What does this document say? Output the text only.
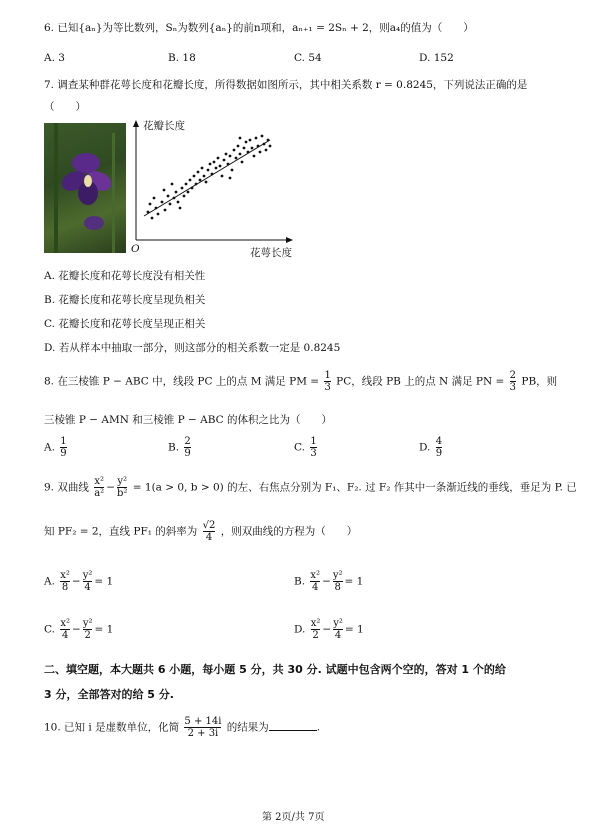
6. 已知{aₙ}为等比数列，Sₙ为数列{aₙ}的前n项和，aₙ₊₁ = 2Sₙ + 2，则a₄的值为（　　）
A. 3	B. 18	C. 54	D. 152
7. 调查某种群花萼长度和花瓣长度，所得数据如图所示，其中相关系数 r = 0.8245，下列说法正确的是
（　　）
花瓣长度
O	花萼长度
A. 花瓣长度和花萼长度没有相关性
B. 花瓣长度和花萼长度呈现负相关
C. 花瓣长度和花萼长度呈现正相关
D. 若从样本中抽取一部分，则这部分的相关系数一定是 0.8245
8. 在三棱锥 P − ABC 中，线段 PC 上的点 M 满足 PM = $\frac{1}{3}$ PC，线段 PB 上的点 N 满足 PN = $\frac{2}{3}$ PB，则
三棱锥 P − AMN 和三棱锥 P − ABC 的体积之比为（　　）
A. $\frac{1}{9}$	B. $\frac{2}{9}$	C. $\frac{1}{3}$	D. $\frac{4}{9}$
9. 双曲线 $\frac{\text{x²}}{\text{a²}} - \frac{\text{y²}}{\text{b²}} = 1(a > 0$, b > 0) 的左、右焦点分别为 F₁、F₂. 过 F₂ 作其中一条渐近线的垂线，垂足为 P. 已
知 PF₂ = 2，直线 PF₁ 的斜率为 $\frac{√2}{4}$ ，则双曲线的方程为（　　）
A. $\frac{\text{x²}}{8} - \frac{\text{y²}}{4} = 1$	B. $\frac{\text{x²}}{4} - \frac{\text{y²}}{8} = 1$
C. $\frac{\text{x²}}{4} - \frac{\text{y²}}{2} = 1$	D. $\frac{\text{x²}}{2} - \frac{\text{y²}}{4} = 1$
二、填空题，本大题共 6 小题，每小题 5 分，共 30 分. 试题中包含两个空的，答对 1 个的给
3 分，全部答对的给 5 分.
10. 已知 i 是虚数单位，化简 $\frac{5 + 14i}{2 + 3i}$ 的结果为	.
第 2页/共 7页
